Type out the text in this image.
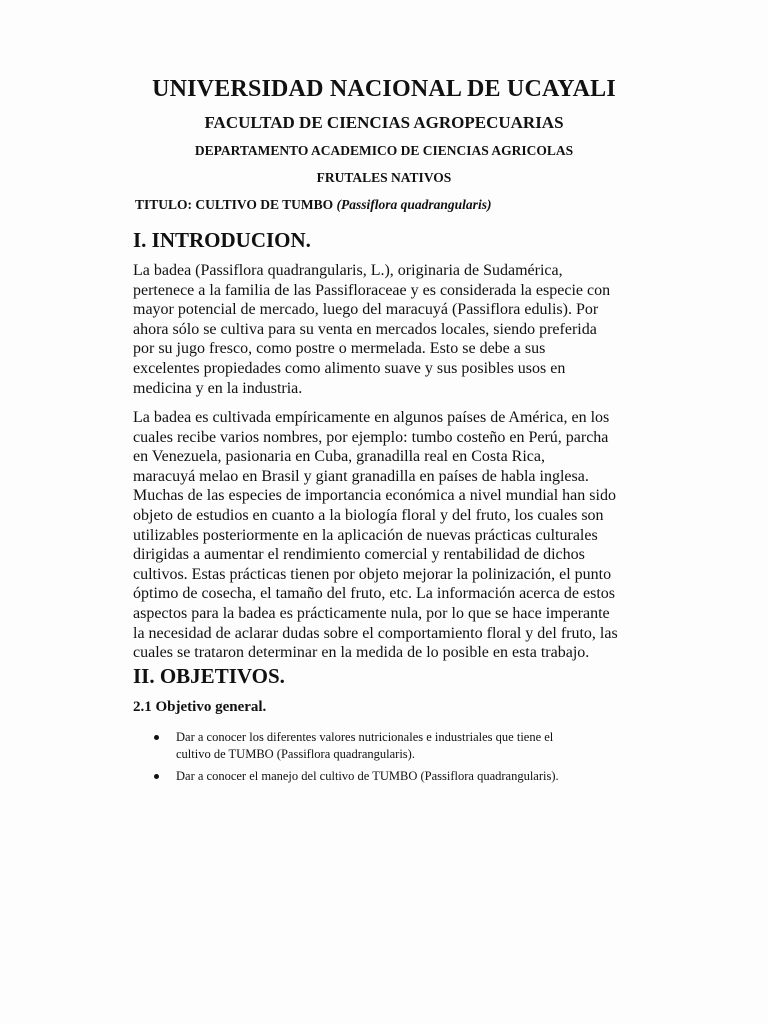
UNIVERSIDAD NACIONAL DE UCAYALI
FACULTAD DE CIENCIAS AGROPECUARIAS
DEPARTAMENTO ACADEMICO DE CIENCIAS AGRICOLAS
FRUTALES NATIVOS
TITULO: CULTIVO DE TUMBO (Passiflora quadrangularis)
I. INTRODUCION.
La badea (Passiflora quadrangularis, L.), originaria de Sudamérica,
pertenece a la familia de las Passifloraceae y es considerada la especie con
mayor potencial de mercado, luego del maracuyá (Passiflora edulis). Por
ahora sólo se cultiva para su venta en mercados locales, siendo preferida
por su jugo fresco, como postre o mermelada. Esto se debe a sus
excelentes propiedades como alimento suave y sus posibles usos en
medicina y en la industria.
La badea es cultivada empíricamente en algunos países de América, en los
cuales recibe varios nombres, por ejemplo: tumbo costeño en Perú, parcha
en Venezuela, pasionaria en Cuba, granadilla real en Costa Rica,
maracuyá melao en Brasil y giant granadilla en países de habla inglesa.
Muchas de las especies de importancia económica a nivel mundial han sido
objeto de estudios en cuanto a la biología floral y del fruto, los cuales son
utilizables posteriormente en la aplicación de nuevas prácticas culturales
dirigidas a aumentar el rendimiento comercial y rentabilidad de dichos
cultivos. Estas prácticas tienen por objeto mejorar la polinización, el punto
óptimo de cosecha, el tamaño del fruto, etc. La información acerca de estos
aspectos para la badea es prácticamente nula, por lo que se hace imperante
la necesidad de aclarar dudas sobre el comportamiento floral y del fruto, las
cuales se trataron determinar en la medida de lo posible en esta trabajo.
II. OBJETIVOS.
2.1 Objetivo general.
Dar a conocer los diferentes valores nutricionales e industriales que tiene el
cultivo de TUMBO (Passiflora quadrangularis).
Dar a conocer el manejo del cultivo de TUMBO (Passiflora quadrangularis).
